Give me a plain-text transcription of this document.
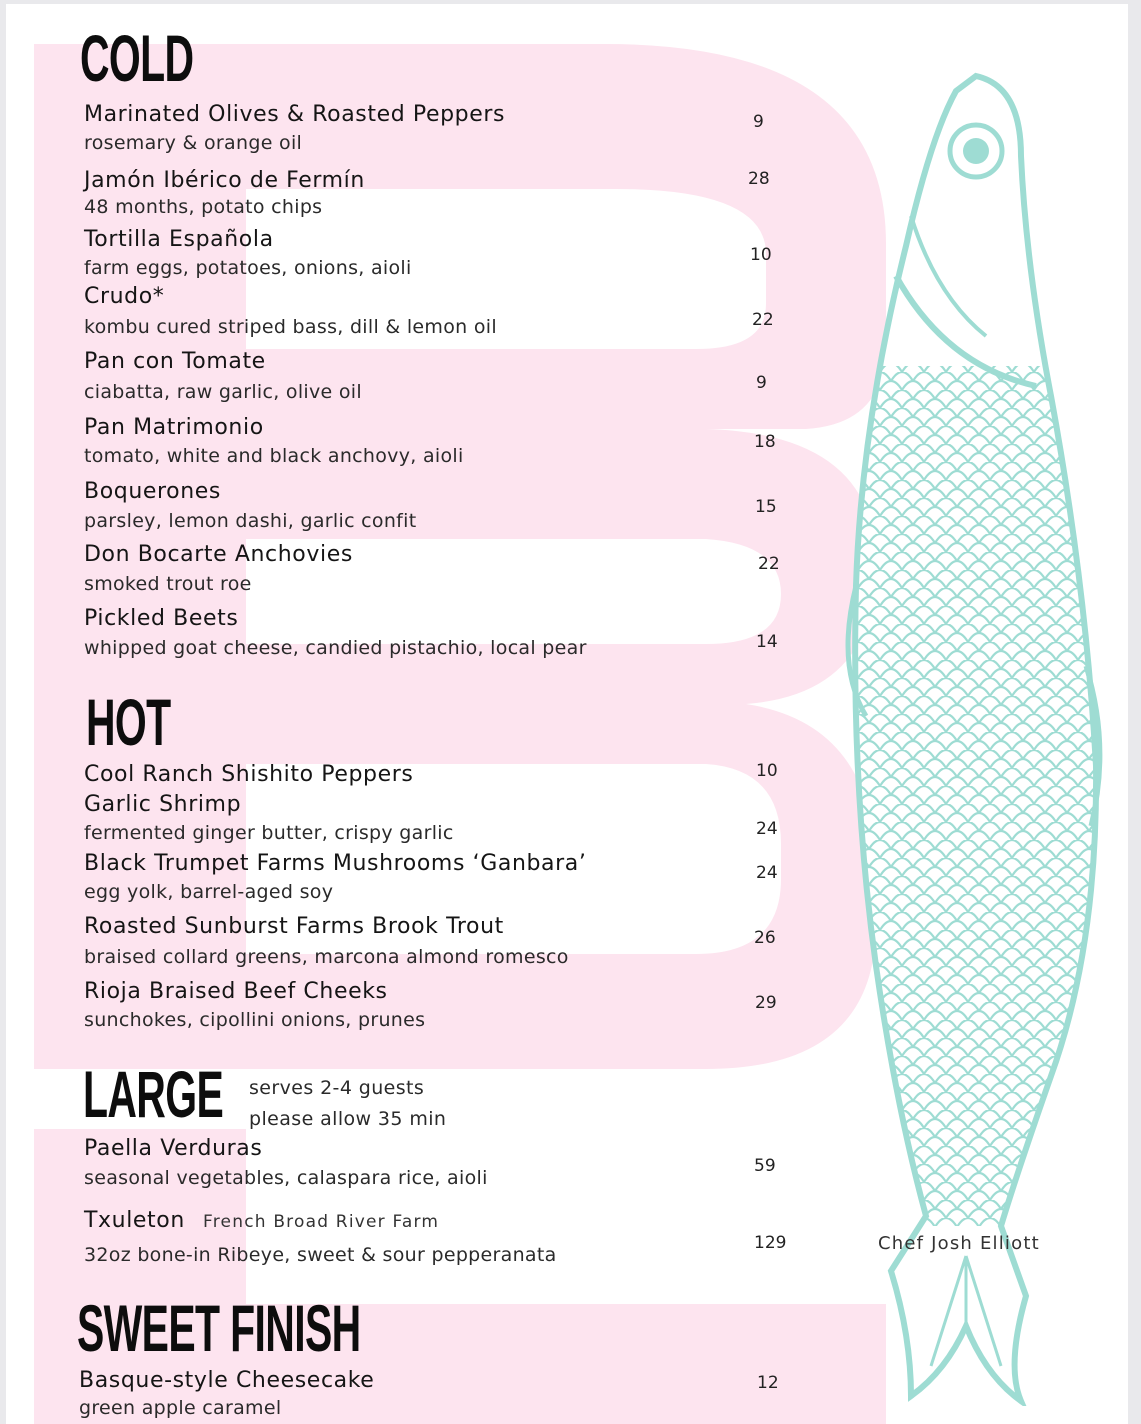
COLD
Marinated Olives & Roasted Peppers
rosemary & orange oil
9
Jamón Ibérico de Fermín
48 months, potato chips
28
Tortilla Española
farm eggs, potatoes, onions, aioli
10
Crudo*
kombu cured striped bass, dill & lemon oil	22
Pan con Tomate
ciabatta, raw garlic, olive oil	9
Pan Matrimonio
tomato, white and black anchovy, aioli
18
Boquerones
parsley, lemon dashi, garlic confit
15
Don Bocarte Anchovies
smoked trout roe
22
Pickled Beets
whipped goat cheese, candied pistachio, local pear	14
HOT
Cool Ranch Shishito Peppers	10
Garlic Shrimp
fermented ginger butter, crispy garlic	24
Black Trumpet Farms Mushrooms ‘Ganbara’
egg yolk, barrel-aged soy
24
Roasted Sunburst Farms Brook Trout
braised collard greens, marcona almond romesco
26
Rioja Braised Beef Cheeks
sunchokes, cipollini onions, prunes
29
LARGE serves 2-4 guests
please allow 35 min
Paella Verduras
seasonal vegetables, calaspara rice, aioli
59
Txuleton French Broad River Farm
32oz bone-in Ribeye, sweet & sour pepperanata
129
SWEET FINISH
Basque-style Cheesecake
green apple caramel
12
Chef Josh Elliott
